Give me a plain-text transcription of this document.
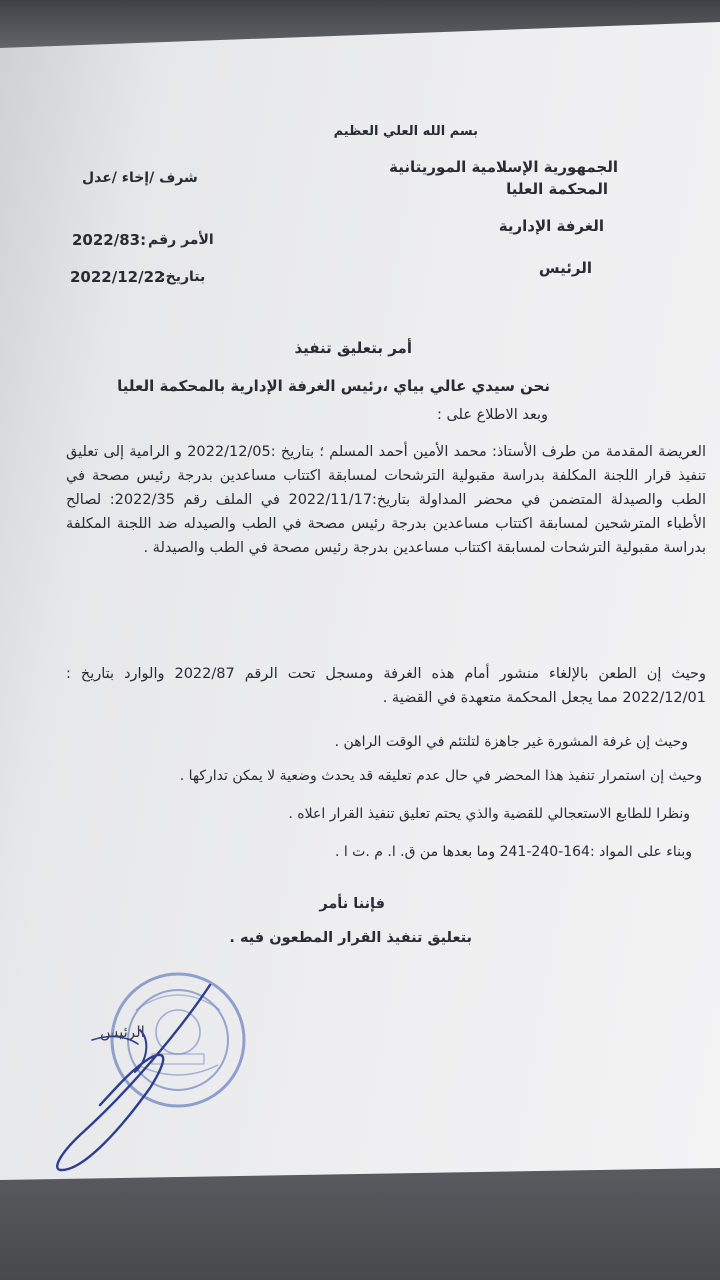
بسم الله العلي العظيم
الجمهورية الإسلامية الموريتانية
المحكمة العليا
الغرفة الإدارية
الرئيس
شرف /إخاء /عدل
الأمر رقم
2022/83:
بتاريخ:
2022/12/22
أمر بتعليق تنفيذ
نحن سيدي عالي بياي ،رئيس الغرفة الإدارية بالمحكمة العليا
وبعد الاطلاع على :
العريضة المقدمة من طرف الأستاذ: محمد الأمين أحمد المسلم ؛ بتاريخ :2022/12/05 و الرامية إلى تعليق تنفيذ قرار اللجنة المكلفة بدراسة مقبولية الترشحات لمسابقة اكتتاب مساعدين بدرجة رئيس مصحة في الطب والصيدلة المتضمن في محضر المداولة بتاريخ:2022/11/17 في الملف رقم 2022/35: لصالح الأطباء المترشحين لمسابقة اكتتاب مساعدين بدرجة رئيس مصحة في الطب والصيدله ضد اللجنة المكلفة بدراسة مقبولية الترشحات لمسابقة اكتتاب مساعدين بدرجة رئيس مصحة في الطب والصيدلة .
وحيث إن الطعن بالإلغاء منشور أمام هذه الغرفة ومسجل تحت الرقم 2022/87 والوارد بتاريخ : 2022/12/01 مما يجعل المحكمة متعهدة في القضية .
وحيث إن غرفة المشورة غير جاهزة لتلتئم في الوقت الراهن .
وحيث إن استمرار تنفيذ هذا المحضر في حال عدم تعليقه قد يحدث وضعية لا يمكن تداركها .
ونظرا للطابع الاستعجالي للقضية والذي يحتم تعليق تنفيذ القرار اعلاه .
وبناء على المواد :164-240-241 وما بعدها من ق. ا. م .ت ا .
فإننا نأمر
بتعليق تنفيذ القرار المطعون فيه .
الرئيس
